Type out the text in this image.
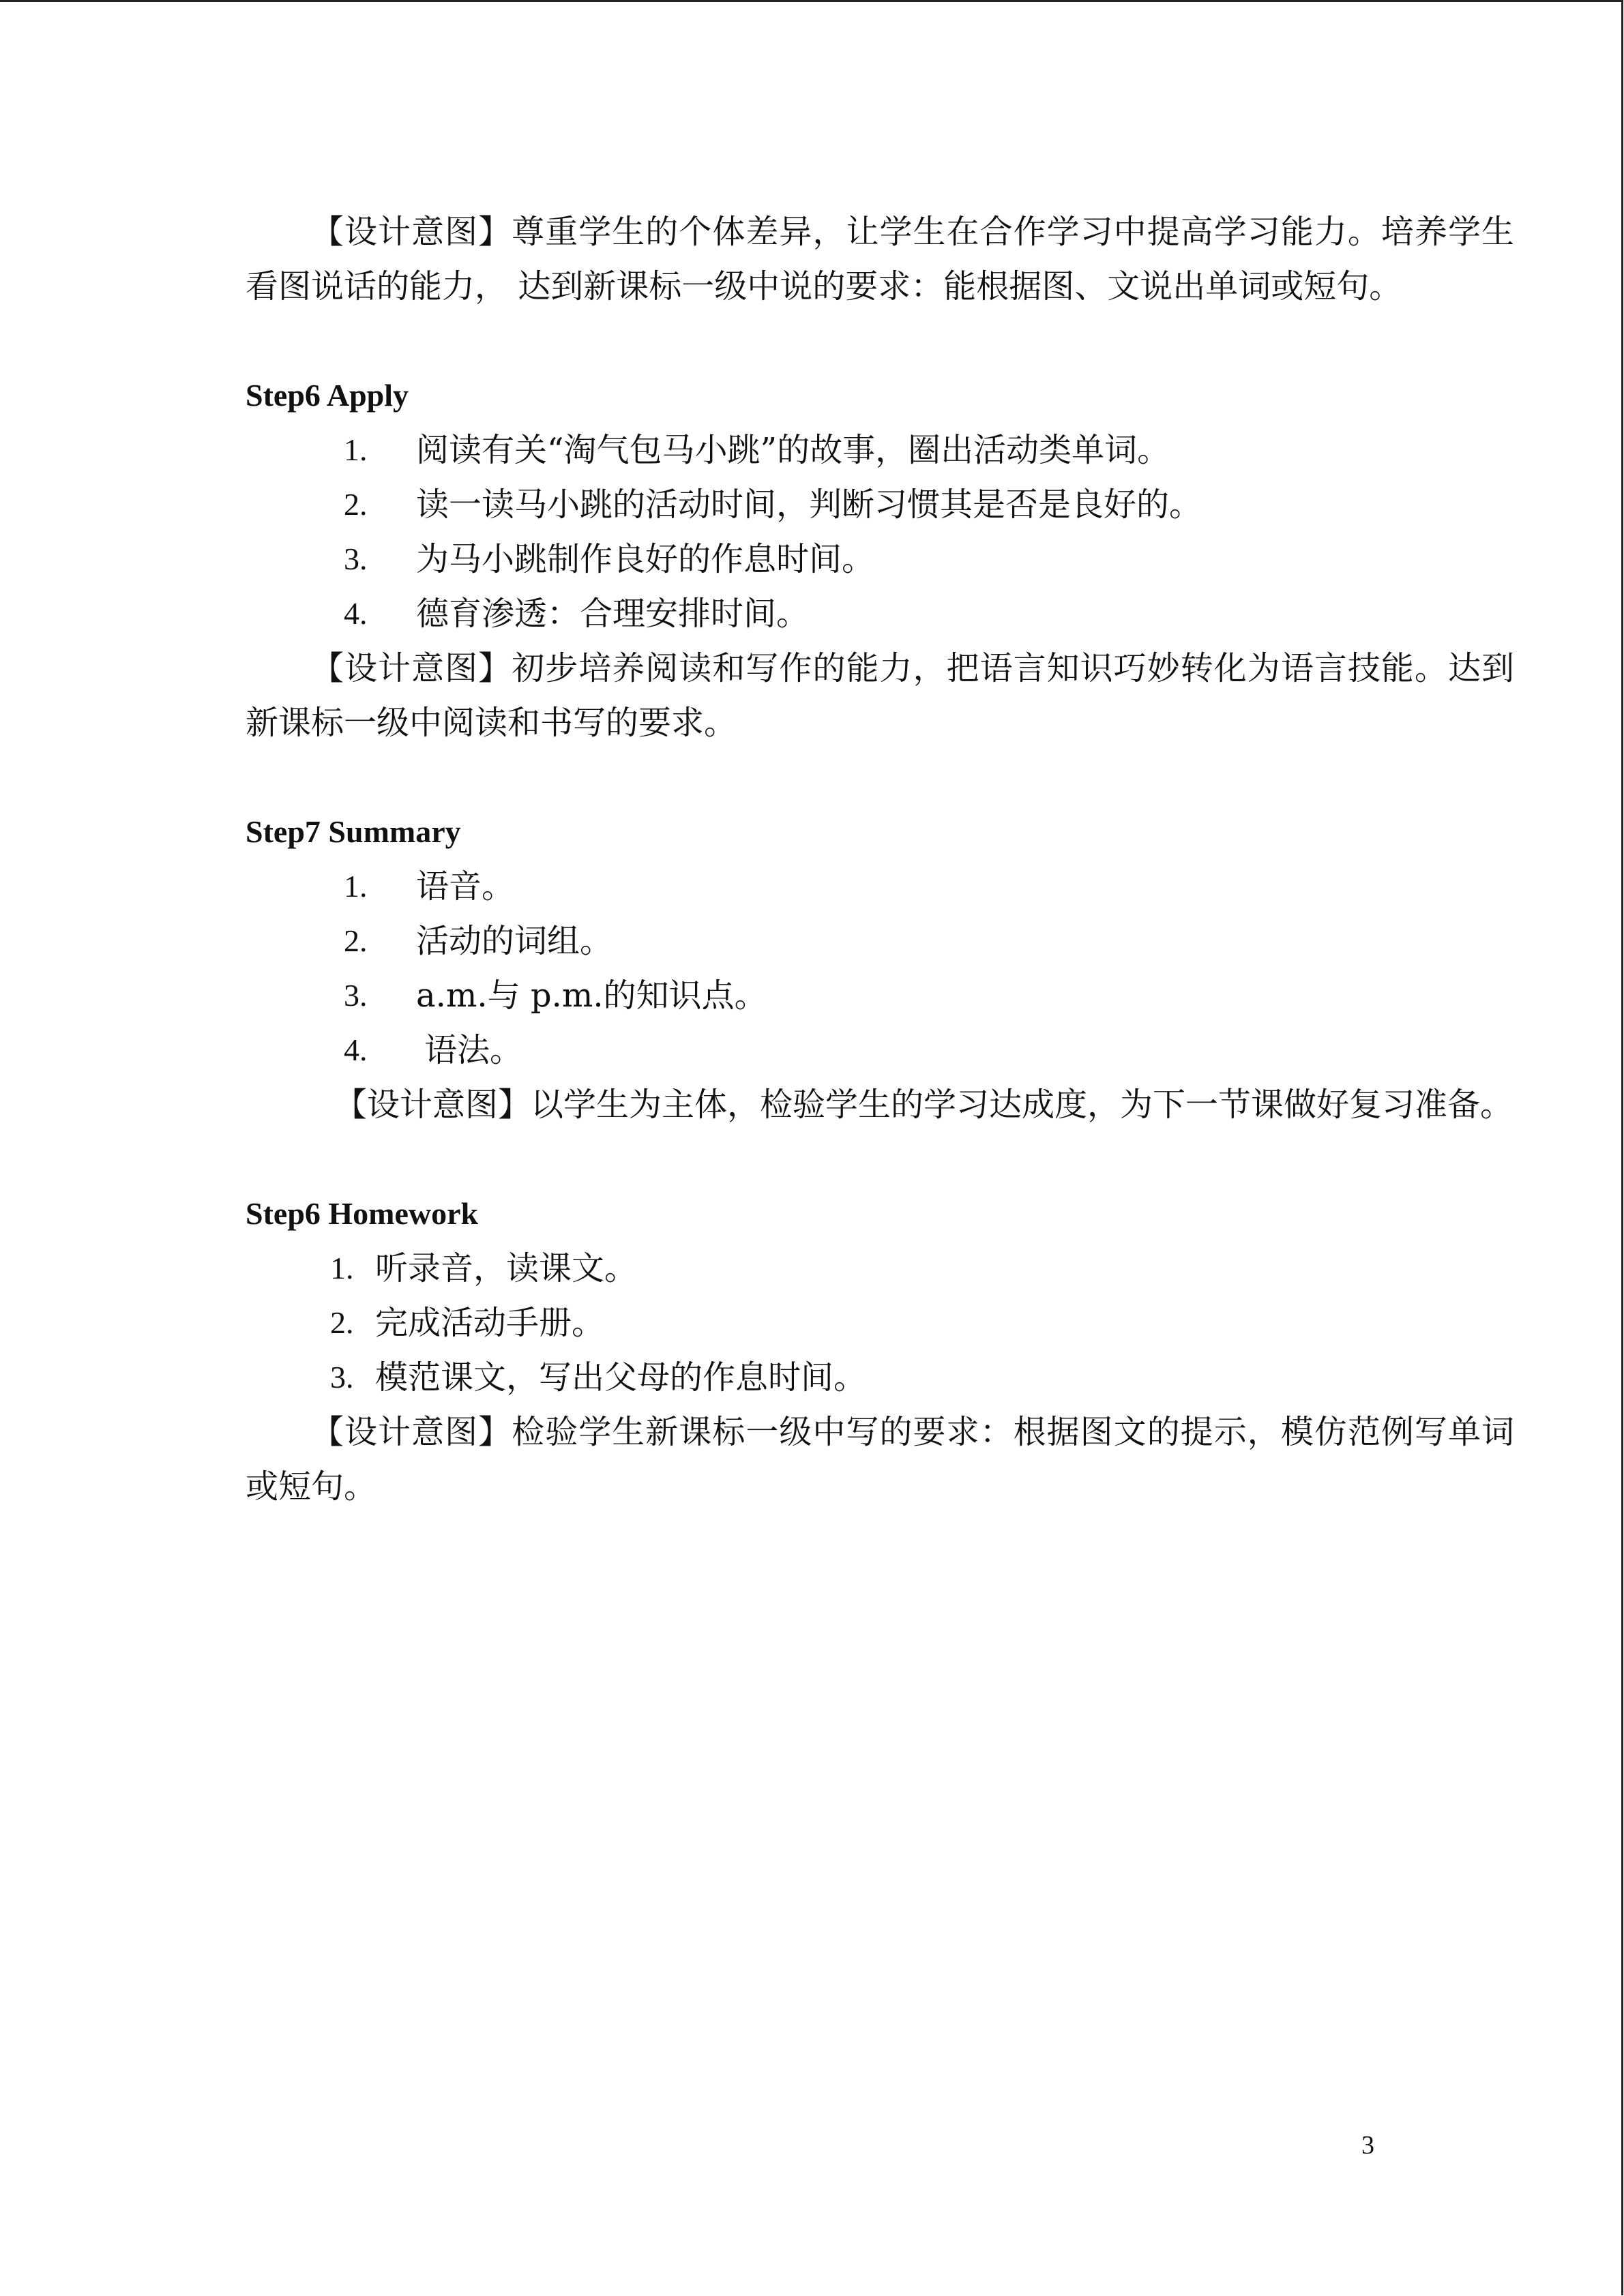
【设计意图】尊重学生的个体差异，让学生在合作学习中提高学习能力。培养学生看图说话的能力， 达到新课标一级中说的要求：能根据图、文说出单词或短句。

Step6 Apply
1.	阅读有关“淘气包马小跳”的故事，圈出活动类单词。
2.	读一读马小跳的活动时间，判断习惯其是否是良好的。
3.	为马小跳制作良好的作息时间。
4.	德育渗透：合理安排时间。

【设计意图】初步培养阅读和写作的能力，把语言知识巧妙转化为语言技能。达到新课标一级中阅读和书写的要求。

Step7 Summary
1.	语音。
2.	活动的词组。
3.	a.m.与 p.m.的知识点。
4.	语法。

【设计意图】以学生为主体，检验学生的学习达成度，为下一节课做好复习准备。

Step6 Homework
1. 听录音，读课文。
2. 完成活动手册。
3. 模范课文，写出父母的作息时间。

【设计意图】检验学生新课标一级中写的要求：根据图文的提示，模仿范例写单词或短句。

3
